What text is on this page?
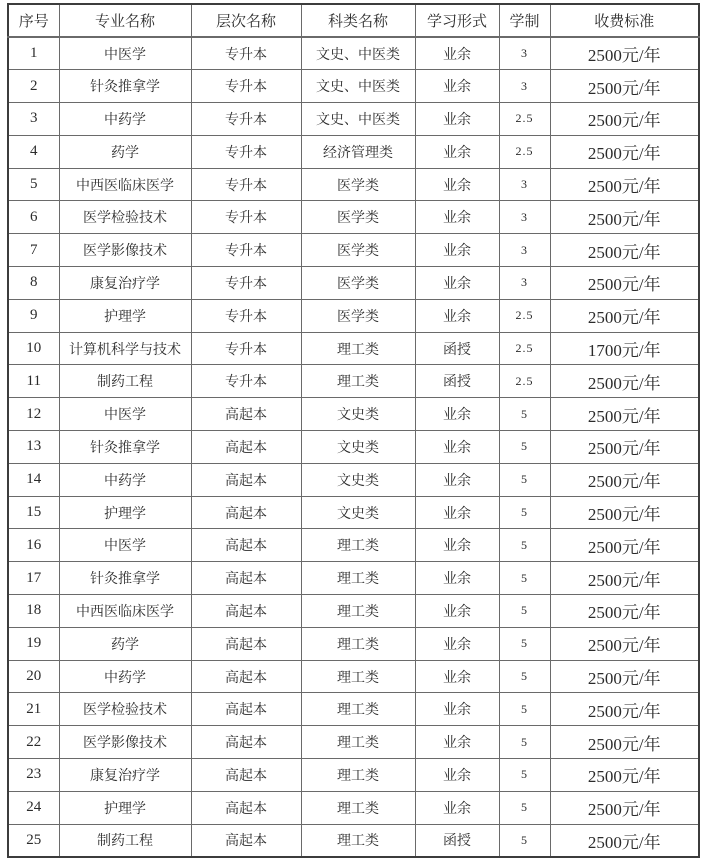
序号	专业名称	层次名称	科类名称	学习形式	学制	收费标准
1	中医学	专升本	文史、中医类	业余	3	2500元/年
2	针灸推拿学	专升本	文史、中医类	业余	3	2500元/年
3	中药学	专升本	文史、中医类	业余	2.5	2500元/年
4	药学	专升本	经济管理类	业余	2.5	2500元/年
5	中西医临床医学	专升本	医学类	业余	3	2500元/年
6	医学检验技术	专升本	医学类	业余	3	2500元/年
7	医学影像技术	专升本	医学类	业余	3	2500元/年
8	康复治疗学	专升本	医学类	业余	3	2500元/年
9	护理学	专升本	医学类	业余	2.5	2500元/年
10	计算机科学与技术	专升本	理工类	函授	2.5	1700元/年
11	制药工程	专升本	理工类	函授	2.5	2500元/年
12	中医学	高起本	文史类	业余	5	2500元/年
13	针灸推拿学	高起本	文史类	业余	5	2500元/年
14	中药学	高起本	文史类	业余	5	2500元/年
15	护理学	高起本	文史类	业余	5	2500元/年
16	中医学	高起本	理工类	业余	5	2500元/年
17	针灸推拿学	高起本	理工类	业余	5	2500元/年
18	中西医临床医学	高起本	理工类	业余	5	2500元/年
19	药学	高起本	理工类	业余	5	2500元/年
20	中药学	高起本	理工类	业余	5	2500元/年
21	医学检验技术	高起本	理工类	业余	5	2500元/年
22	医学影像技术	高起本	理工类	业余	5	2500元/年
23	康复治疗学	高起本	理工类	业余	5	2500元/年
24	护理学	高起本	理工类	业余	5	2500元/年
25	制药工程	高起本	理工类	函授	5	2500元/年
